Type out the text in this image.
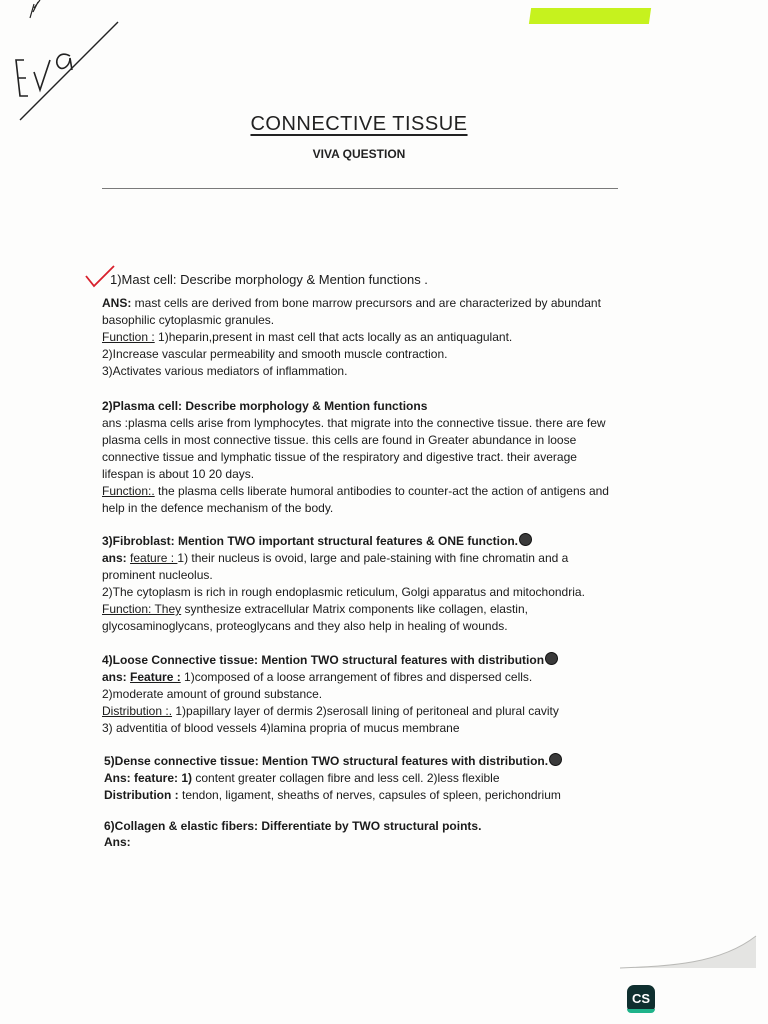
CONNECTIVE TISSUE
VIVA QUESTION
1)Mast cell: Describe morphology & Mention functions .
ANS: mast cells are derived from bone marrow precursors and are characterized by abundant
basophilic cytoplasmic granules.
Function : 1)heparin,present in mast cell that acts locally as an antiquagulant.
2)Increase vascular permeability and smooth muscle contraction.
3)Activates various mediators of inflammation.
2)Plasma cell: Describe morphology & Mention functions
ans :plasma cells arise from lymphocytes. that migrate into the connective tissue. there are few
plasma cells in most connective tissue. this cells are found in Greater abundance in loose
connective tissue and lymphatic tissue of the respiratory and digestive tract. their average
lifespan is about 10 20 days.
Function:. the plasma cells liberate humoral antibodies to counter-act the action of antigens and
help in the defence mechanism of the body.
3)Fibroblast: Mention TWO important structural features & ONE function.
ans: feature : 1) their nucleus is ovoid, large and pale-staining with fine chromatin and a
prominent nucleolus.
2)The cytoplasm is rich in rough endoplasmic reticulum, Golgi apparatus and mitochondria.
Function: They synthesize extracellular Matrix components like collagen, elastin,
glycosaminoglycans, proteoglycans and they also help in healing of wounds.
4)Loose Connective tissue: Mention TWO structural features with distribution
ans: Feature : 1)composed of a loose arrangement of fibres and dispersed cells.
2)moderate amount of ground substance.
Distribution :. 1)papillary layer of dermis 2)serosall lining of peritoneal and plural cavity
3) adventitia of blood vessels 4)lamina propria of mucus membrane
5)Dense connective tissue: Mention TWO structural features with distribution.
Ans: feature: 1) content greater collagen fibre and less cell. 2)less flexible
Distribution : tendon, ligament, sheaths of nerves, capsules of spleen, perichondrium
6)Collagen & elastic fibers: Differentiate by TWO structural points.
Ans:
CS
